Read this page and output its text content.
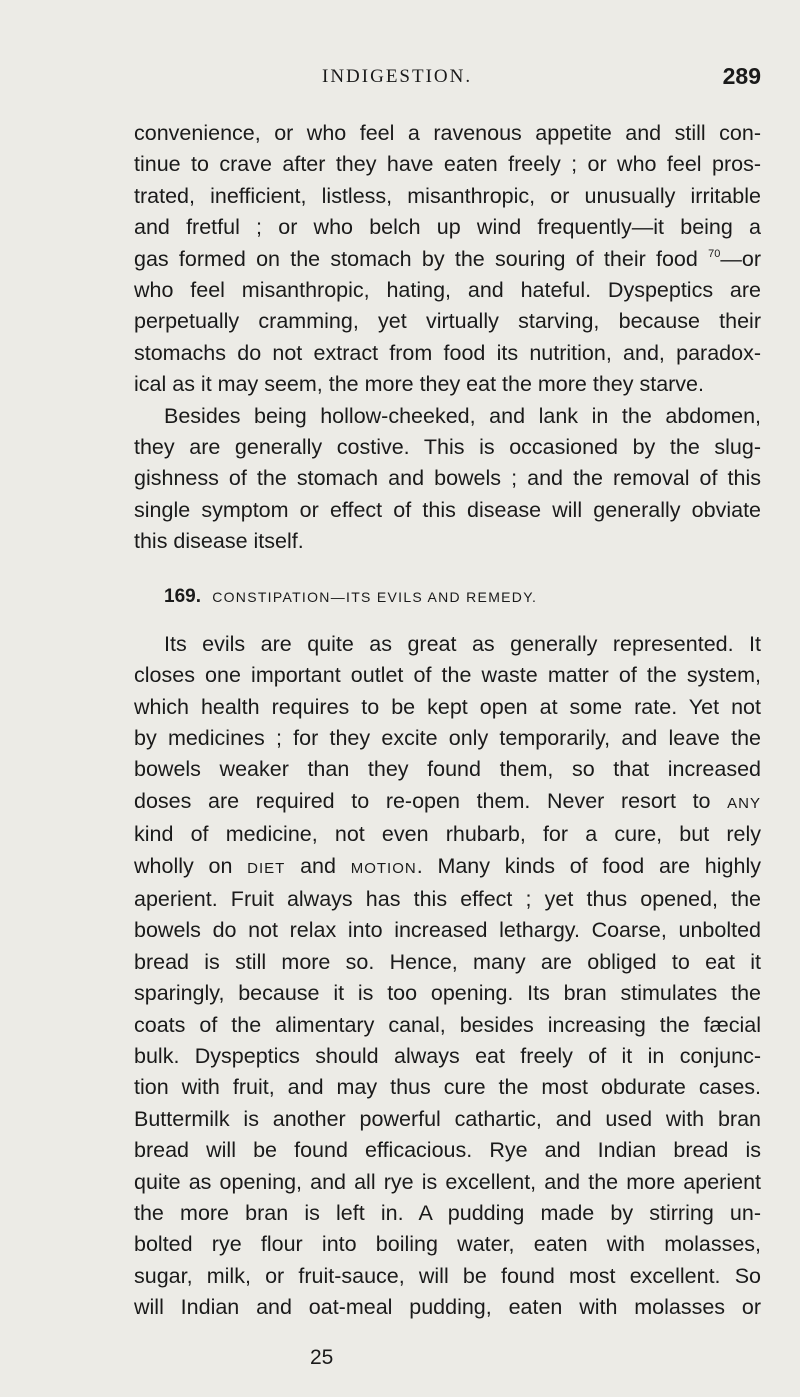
INDIGESTION.	289

convenience, or who feel a ravenous appetite and still con-
tinue to crave after they have eaten freely ; or who feel pros-
trated, inefficient, listless, misanthropic, or unusually irritable
and fretful ; or who belch up wind frequently—it being a
gas formed on the stomach by the souring of their food $^{70}$—or
who feel misanthropic, hating, and hateful. Dyspeptics are
perpetually cramming, yet virtually starving, because their
stomachs do not extract from food its nutrition, and, paradox-
ical as it may seem, the more they eat the more they starve.

Besides being hollow-cheeked, and lank in the abdomen,
they are generally costive. This is occasioned by the slug-
gishness of the stomach and bowels ; and the removal of this
single symptom or effect of this disease will generally obviate
this disease itself.

169. CONSTIPATION—ITS EVILS AND REMEDY.

Its evils are quite as great as generally represented. It
closes one important outlet of the waste matter of the system,
which health requires to be kept open at some rate. Yet not
by medicines ; for they excite only temporarily, and leave the
bowels weaker than they found them, so that increased
doses are required to re-open them. Never resort to ANY
kind of medicine, not even rhubarb, for a cure, but rely
wholly on DIET and MOTION. Many kinds of food are highly
aperient. Fruit always has this effect ; yet thus opened, the
bowels do not relax into increased lethargy. Coarse, unbolted
bread is still more so. Hence, many are obliged to eat it
sparingly, because it is too opening. Its bran stimulates the
coats of the alimentary canal, besides increasing the fæcial
bulk. Dyspeptics should always eat freely of it in conjunc-
tion with fruit, and may thus cure the most obdurate cases.
Buttermilk is another powerful cathartic, and used with bran
bread will be found efficacious. Rye and Indian bread is
quite as opening, and all rye is excellent, and the more aperient
the more bran is left in. A pudding made by stirring un-
bolted rye flour into boiling water, eaten with molasses,
sugar, milk, or fruit-sauce, will be found most excellent. So
will Indian and oat-meal pudding, eaten with molasses or

25
